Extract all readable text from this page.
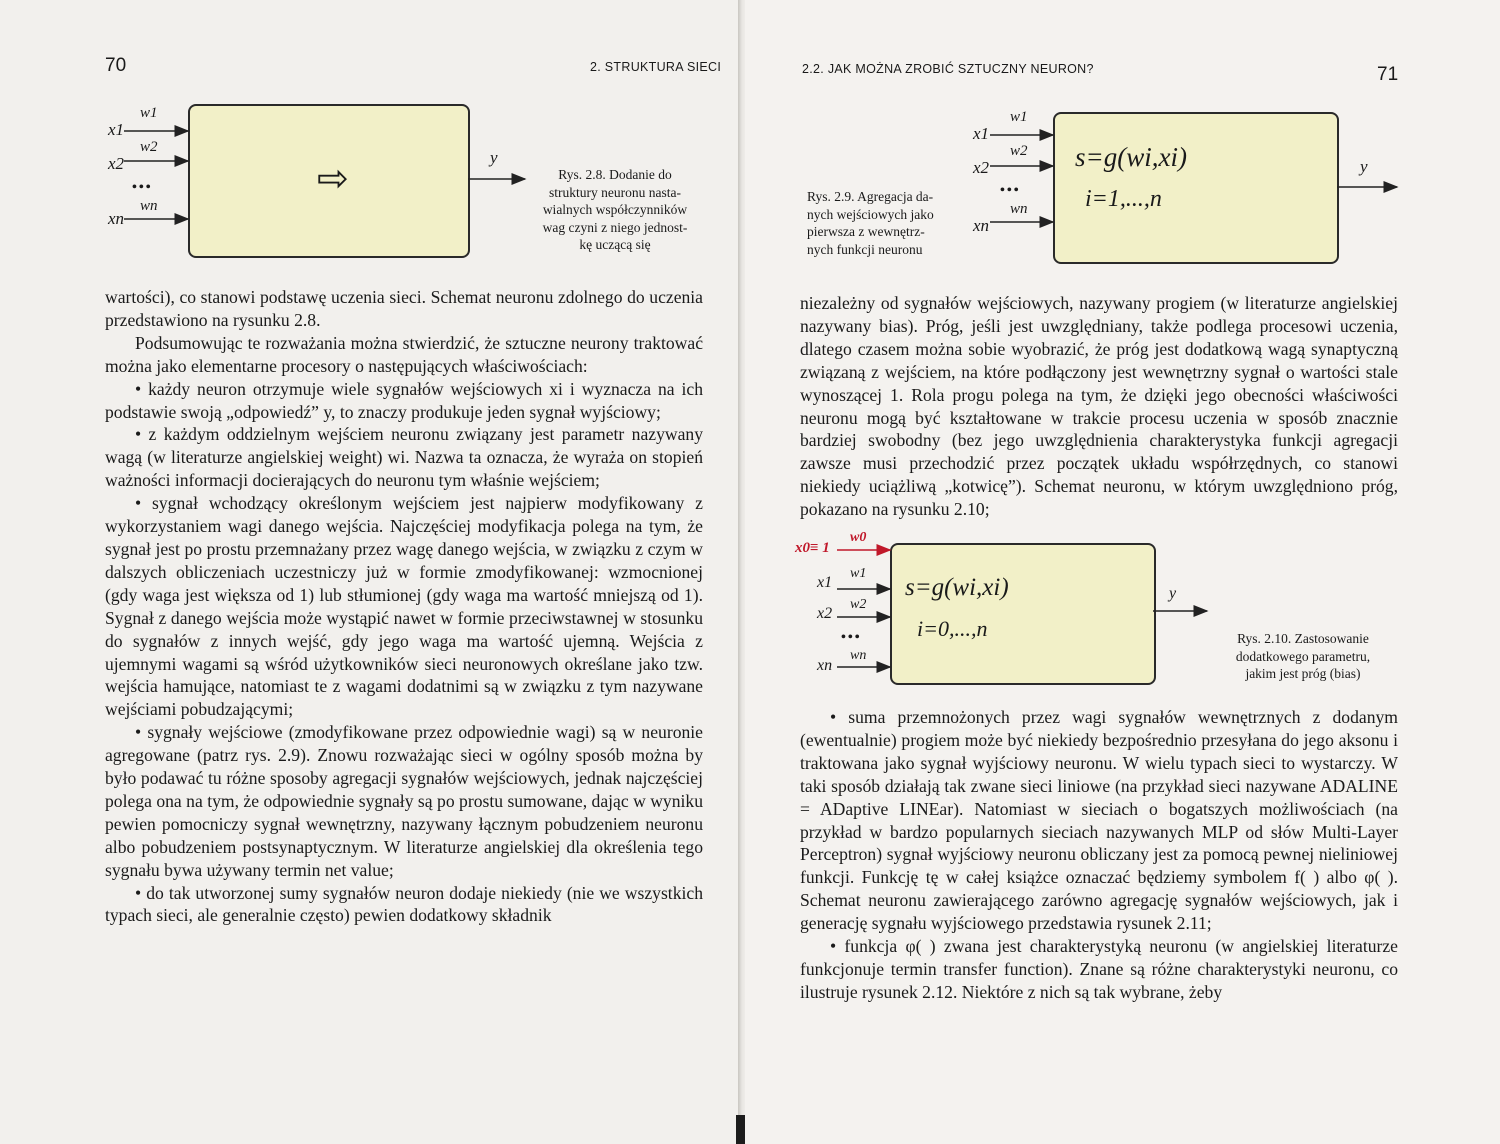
70	2. STRUKTURA SIECI
⇨
x1
x2
xn
w1
w2
wn
•••
y
Rys. 2.8. Dodanie do
struktury neuronu nasta-
wialnych współczynników
wag czyni z niego jednost-
kę uczącą się

wartości), co stanowi podstawę uczenia sieci. Schemat neuronu zdolnego do uczenia przedstawiono na rysunku 2.8.

Podsumowując te rozważania można stwierdzić, że sztuczne neurony traktować można jako elementarne procesory o następujących właściwościach:

• każdy neuron otrzymuje wiele sygnałów wejściowych xi i wyznacza na ich podstawie swoją „odpowiedź” y, to znaczy produkuje jeden sygnał wyjściowy;

• z każdym oddzielnym wejściem neuronu związany jest parametr nazywany wagą (w literaturze angielskiej weight) wi. Nazwa ta oznacza, że wyraża on stopień ważności informacji docierających do neuronu tym właśnie wejściem;

• sygnał wchodzący określonym wejściem jest najpierw modyfikowany z wykorzystaniem wagi danego wejścia. Najczęściej modyfikacja polega na tym, że sygnał jest po prostu przemnażany przez wagę danego wejścia, w związku z czym w dalszych obliczeniach uczestniczy już w formie zmodyfikowanej: wzmocnionej (gdy waga jest większa od 1) lub stłumionej (gdy waga ma wartość mniejszą od 1). Sygnał z danego wejścia może wystąpić nawet w formie przeciwstawnej w stosunku do sygnałów z innych wejść, gdy jego waga ma wartość ujemną. Wejścia z ujemnymi wagami są wśród użytkowników sieci neuronowych określane jako tzw. wejścia hamujące, natomiast te z wagami dodatnimi są w związku z tym nazywane wejściami pobudzającymi;

• sygnały wejściowe (zmodyfikowane przez odpowiednie wagi) są w neuronie agregowane (patrz rys. 2.9). Znowu rozważając sieci w ogólny sposób można by było podawać tu różne sposoby agregacji sygnałów wejściowych, jednak najczęściej polega ona na tym, że odpowiednie sygnały są po prostu sumowane, dając w wyniku pewien pomocniczy sygnał wewnętrzny, nazywany łącznym pobudzeniem neuronu albo pobudzeniem postsynaptycznym. W literaturze angielskiej dla określenia tego sygnału bywa używany termin net value;

• do tak utworzonej sumy sygnałów neuron dodaje niekiedy (nie we wszystkich typach sieci, ale generalnie często) pewien dodatkowy składnik

2.2. JAK MOŻNA ZROBIĆ SZTUCZNY NEURON?	71
s=g(wi,xi)
i=1,...,n
x1
x2
xn
w1
w2
wn
•••
y
Rys. 2.9. Agregacja da-
nych wejściowych jako
pierwsza z wewnętrz-
nych funkcji neuronu

niezależny od sygnałów wejściowych, nazywany progiem (w literaturze angielskiej nazywany bias). Próg, jeśli jest uwzględniany, także podlega procesowi uczenia, dlatego czasem można sobie wyobrazić, że próg jest dodatkową wagą synaptyczną związaną z wejściem, na które podłączony jest wewnętrzny sygnał o wartości stale wynoszącej 1. Rola progu polega na tym, że dzięki jego obecności właściwości neuronu mogą być kształtowane w trakcie procesu uczenia w sposób znacznie bardziej swobodny (bez jego uwzględnienia charakterystyka funkcji agregacji zawsze musi przechodzić przez początek układu współrzędnych, co stanowi niekiedy uciążliwą „kotwicę”). Schemat neuronu, w którym uwzględniono próg, pokazano na rysunku 2.10;

s=g(wi,xi)
i=0,...,n
x0≡ 1
w0
x1
x2
xn
w1
w2
wn
•••
y
Rys. 2.10. Zastosowanie
dodatkowego parametru,
jakim jest próg (bias)

• suma przemnożonych przez wagi sygnałów wewnętrznych z dodanym (ewentualnie) progiem może być niekiedy bezpośrednio przesyłana do jego aksonu i traktowana jako sygnał wyjściowy neuronu. W wielu typach sieci to wystarczy. W taki sposób działają tak zwane sieci liniowe (na przykład sieci nazywane ADALINE = ADaptive LINEar). Natomiast w sieciach o bogatszych możliwościach (na przykład w bardzo popularnych sieciach nazywanych MLP od słów Multi-Layer Perceptron) sygnał wyjściowy neuronu obliczany jest za pomocą pewnej nieliniowej funkcji. Funkcję tę w całej książce oznaczać będziemy symbolem f( ) albo φ( ). Schemat neuronu zawierającego zarówno agregację sygnałów wejściowych, jak i generację sygnału wyjściowego przedstawia rysunek 2.11;

• funkcja φ( ) zwana jest charakterystyką neuronu (w angielskiej literaturze funkcjonuje termin transfer function). Znane są różne charakterystyki neuronu, co ilustruje rysunek 2.12. Niektóre z nich są tak wybrane, żeby
